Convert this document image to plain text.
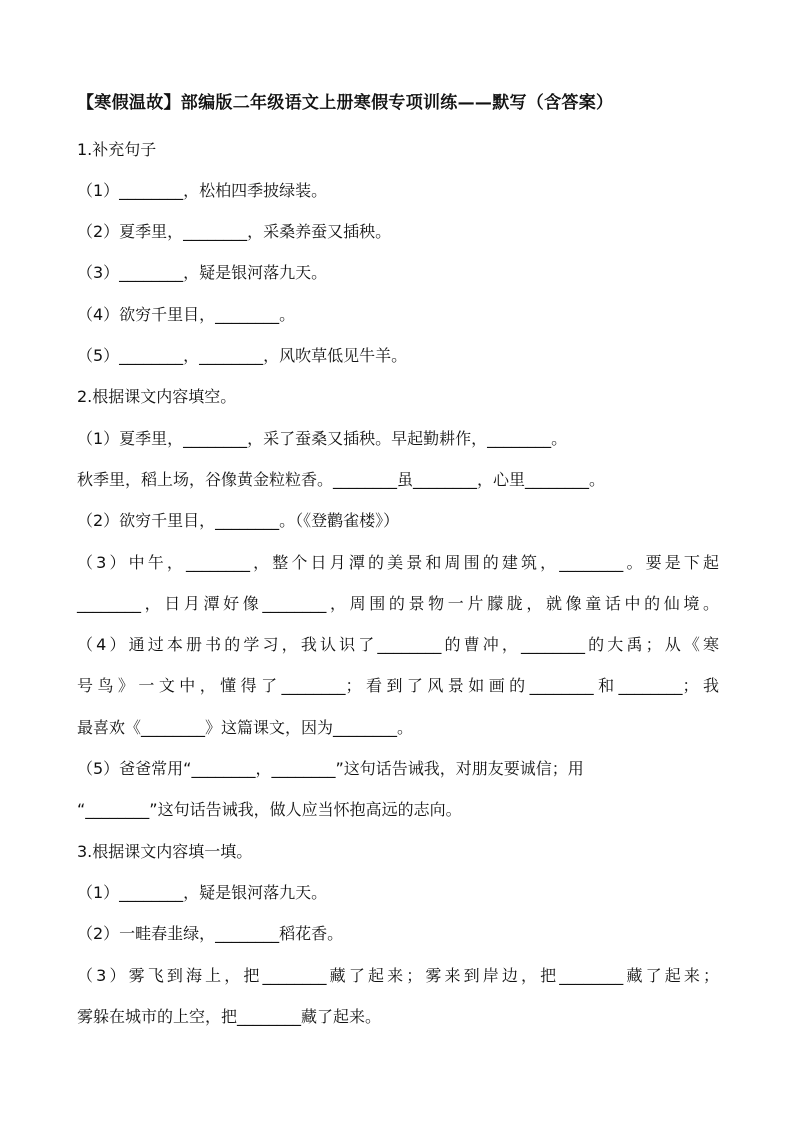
【寒假温故】部编版二年级语文上册寒假专项训练——默写（含答案）
1.补充句子
（1）________，松柏四季披绿装。
（2）夏季里，________，采桑养蚕又插秧。
（3）________，疑是银河落九天。
（4）欲穷千里目，________。
（5）________，________，风吹草低见牛羊。
2.根据课文内容填空。
（1）夏季里，________，采了蚕桑又插秧。早起勤耕作，________。
秋季里，稻上场，谷像黄金粒粒香。________虽________，心里________。
（2）欲穷千里目，________。（《登鹳雀楼》）
（3）中午，________，整个日月潭的美景和周围的建筑，________。要是下起
________，日月潭好像________，周围的景物一片朦胧，就像童话中的仙境。
（4）通过本册书的学习，我认识了________的曹冲，________的大禹；从《寒
号鸟》一文中，懂得了________；看到了风景如画的________和________；我
最喜欢《________》这篇课文，因为________。
（5）爸爸常用“________，________”这句话告诫我，对朋友要诚信；用
“________”这句话告诫我，做人应当怀抱高远的志向。
3.根据课文内容填一填。
（1）________，疑是银河落九天。
（2）一畦春韭绿，________稻花香。
（3）雾飞到海上，把________藏了起来；雾来到岸边，把________藏了起来；
雾躲在城市的上空，把________藏了起来。
